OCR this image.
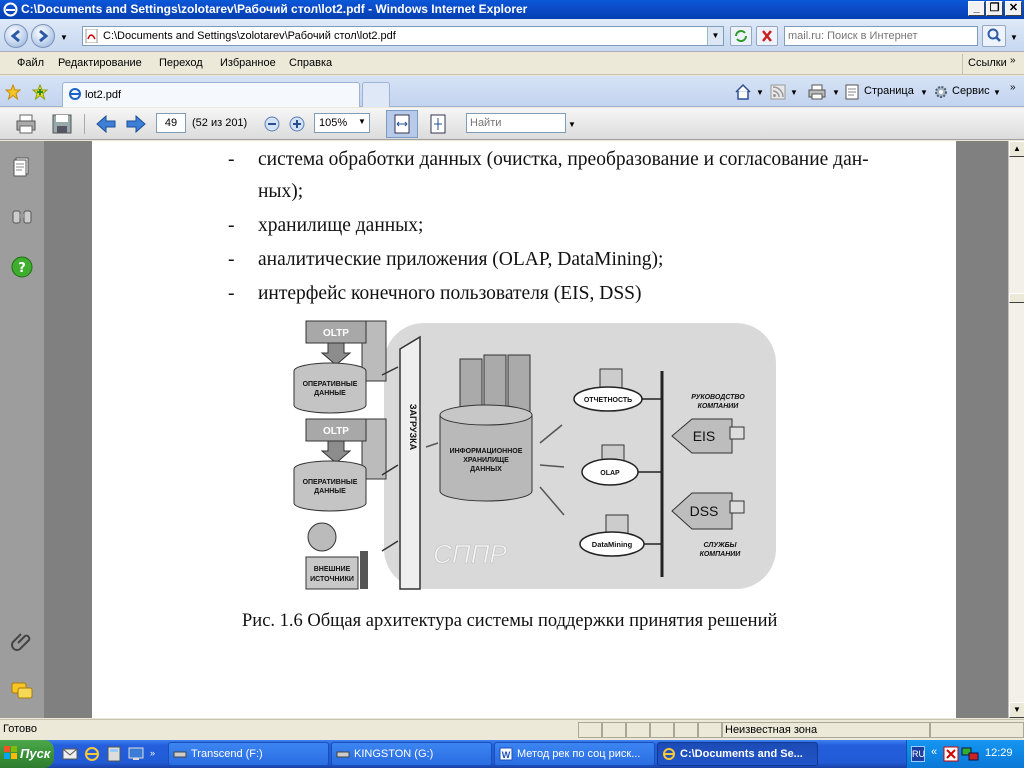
C:\Documents and Settings\zolotarev\Рабочий стол\lot2.pdf - Windows Internet Explorer	_ ❐ ✕
▼	C:\Documents and Settings\zolotarev\Рабочий стол\lot2.pdf	▼
mail.ru: Поиск в Интернет	▼
Файл Редактирование Переход Избранное Справка	Ссылки »
lot2.pdf	▼	▼	▼ Страница ▼ Сервис ▼ »
49	(52 из 201)	105%	▼
Найти	▼
?
- система обработки данных (очистка, преобразование и согласование дан-
ных);
- хранилище данных;
- аналитические приложения (OLAP, DataMining);
- интерфейс конечного пользователя (EIS, DSS)
OLTP
ОПЕРАТИВНЫЕ
ДАННЫЕ
OLTP
ОПЕРАТИВНЫЕ
ДАННЫЕ
ВНЕШНИЕ
ИСТОЧНИКИ
ЗАГРУЗКА
ИНФОРМАЦИОННОЕ
ХРАНИЛИЩЕ
ДАННЫХ
ОТЧЕТНОСТЬ
OLAP
DataMining
РУКОВОДСТВО
КОМПАНИИ
EIS
DSS
СЛУЖБЫ
КОМПАНИИ
СППР
Рис. 1.6 Общая архитектура системы поддержки принятия решений
▲
▼
Готово	Неизвестная зона
Пуск	»	Transcend (F:)	KINGSTON (G:)	W Метод рек по соц риск...	C:\Documents and Se...	RU «	12:29
